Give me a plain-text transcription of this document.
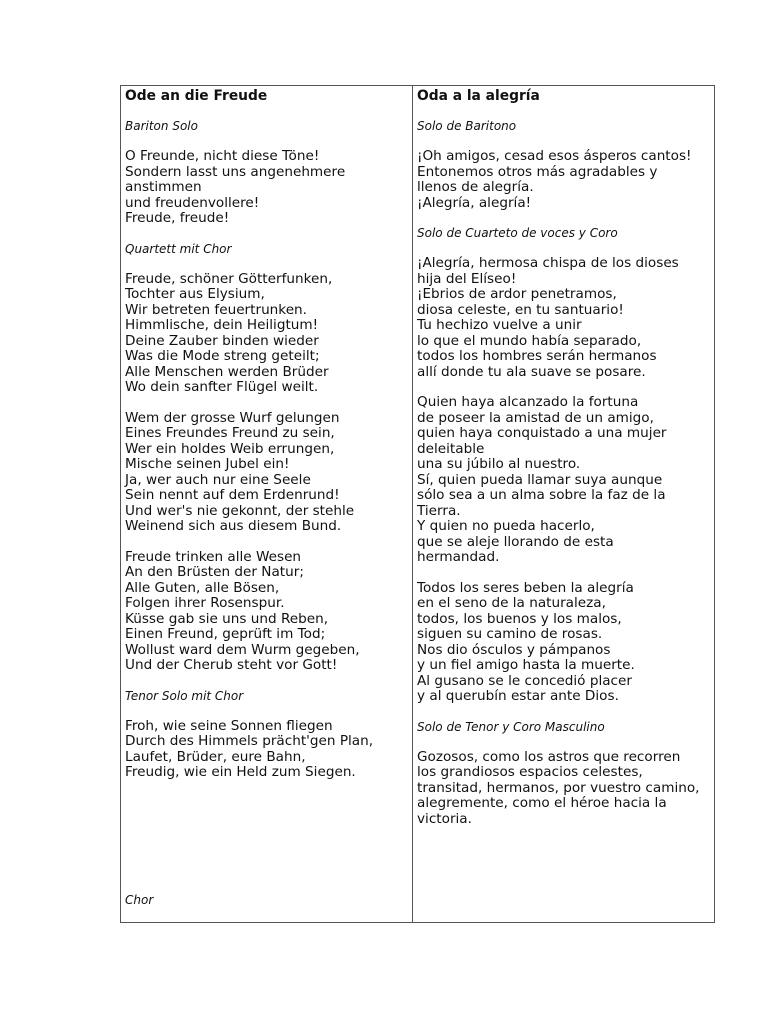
Ode an die Freude

Bariton Solo

O Freunde, nicht diese Töne!
Sondern lasst uns angenehmere
anstimmen
und freudenvollere!
Freude, freude!

Quartett mit Chor

Freude, schöner Götterfunken,
Tochter aus Elysium,
Wir betreten feuertrunken.
Himmlische, dein Heiligtum!
Deine Zauber binden wieder
Was die Mode streng geteilt;
Alle Menschen werden Brüder
Wo dein sanfter Flügel weilt.
Wem der grosse Wurf gelungen
Eines Freundes Freund zu sein,
Wer ein holdes Weib errungen,
Mische seinen Jubel ein!
Ja, wer auch nur eine Seele
Sein nennt auf dem Erdenrund!
Und wer's nie gekonnt, der stehle
Weinend sich aus diesem Bund.
Freude trinken alle Wesen
An den Brüsten der Natur;
Alle Guten, alle Bösen,
Folgen ihrer Rosenspur.
Küsse gab sie uns und Reben,
Einen Freund, geprüft im Tod;
Wollust ward dem Wurm gegeben,
Und der Cherub steht vor Gott!

Tenor Solo mit Chor

Froh, wie seine Sonnen fliegen
Durch des Himmels prächt'gen Plan,
Laufet, Brüder, eure Bahn,
Freudig, wie ein Held zum Siegen.

Chor

Oda a la alegría

Solo de Baritono

¡Oh amigos, cesad esos ásperos cantos!
Entonemos otros más agradables y
llenos de alegría.
¡Alegría, alegría!

Solo de Cuarteto de voces y Coro

¡Alegría, hermosa chispa de los dioses
hija del Elíseo!
¡Ebrios de ardor penetramos,
diosa celeste, en tu santuario!
Tu hechizo vuelve a unir
lo que el mundo había separado,
todos los hombres serán hermanos
allí donde tu ala suave se posare.
Quien haya alcanzado la fortuna
de poseer la amistad de un amigo,
quien haya conquistado a una mujer
deleitable
una su júbilo al nuestro.
Sí, quien pueda llamar suya aunque
sólo sea a un alma sobre la faz de la
Tierra.
Y quien no pueda hacerlo,
que se aleje llorando de esta
hermandad.
Todos los seres beben la alegría
en el seno de la naturaleza,
todos, los buenos y los malos,
siguen su camino de rosas.
Nos dio ósculos y pámpanos
y un fiel amigo hasta la muerte.
Al gusano se le concedió placer
y al querubín estar ante Dios.

Solo de Tenor y Coro Masculino

Gozosos, como los astros que recorren
los grandiosos espacios celestes,
transitad, hermanos, por vuestro camino,
alegremente, como el héroe hacia la
victoria.
